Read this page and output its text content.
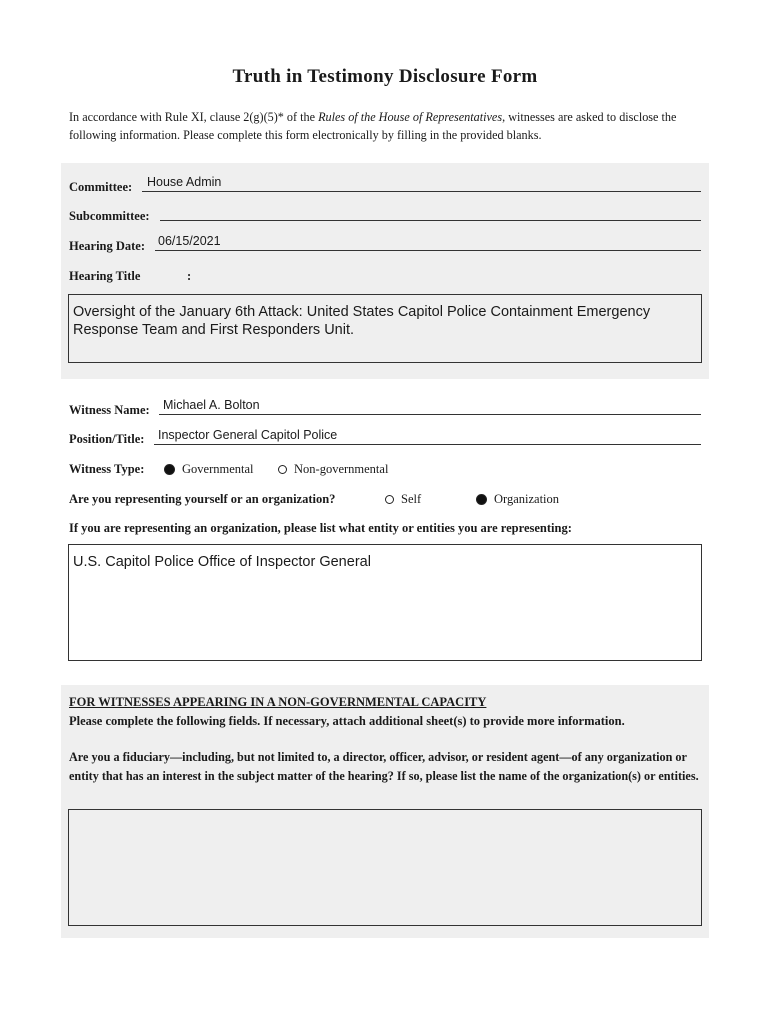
Truth in Testimony Disclosure Form
In accordance with Rule XI, clause 2(g)(5)* of the Rules of the House of Representatives, witnesses are asked to disclose the following information. Please complete this form electronically by filling in the provided blanks.
Committee: House Admin
Subcommittee:
Hearing Date: 06/15/2021
Hearing Title	:
Oversight of the January 6th Attack: United States Capitol Police Containment Emergency Response Team and First Responders Unit.
Witness Name: Michael A. Bolton
Position/Title: Inspector General Capitol Police
Witness Type:	Governmental	Non-governmental
Are you representing yourself or an organization?	Self	Organization
If you are representing an organization, please list what entity or entities you are representing:
U.S. Capitol Police Office of Inspector General
FOR WITNESSES APPEARING IN A NON-GOVERNMENTAL CAPACITY
Please complete the following fields. If necessary, attach additional sheet(s) to provide more information.
Are you a fiduciary—including, but not limited to, a director, officer, advisor, or resident agent—of any organization or entity that has an interest in the subject matter of the hearing? If so, please list the name of the organization(s) or entities.
